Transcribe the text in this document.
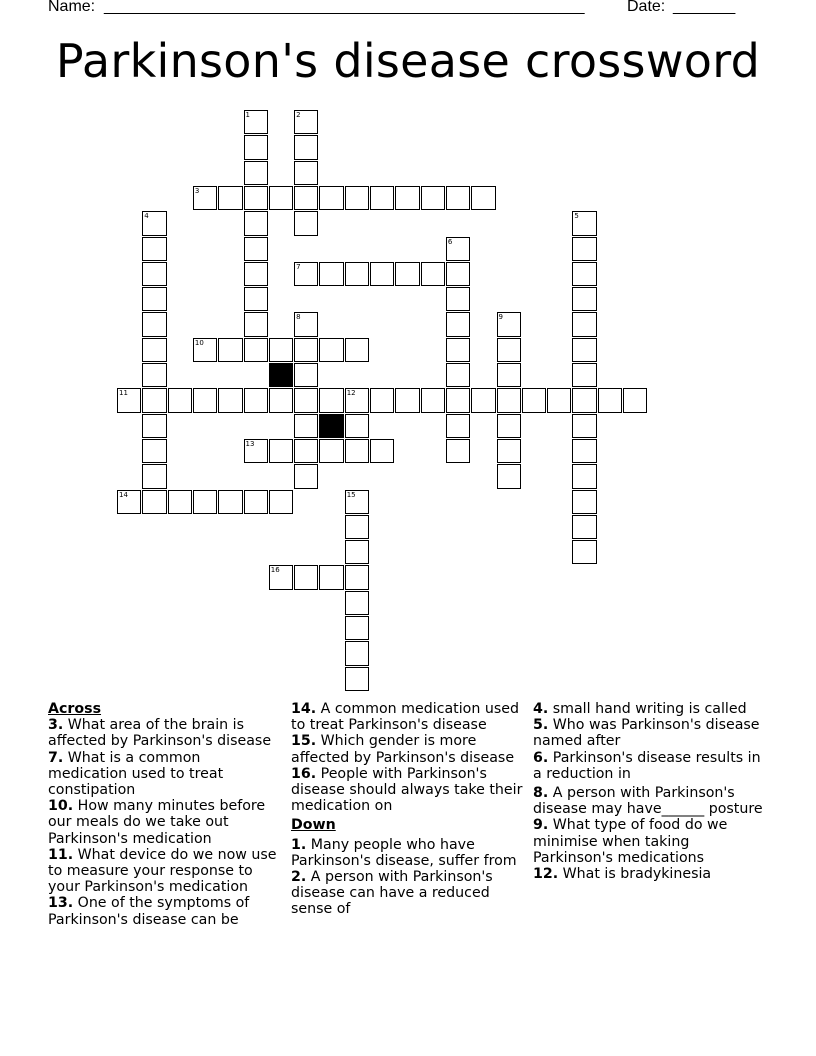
Name: ______________________________________________________	Date: _______
Parkinson's disease crossword
1	2
3
4	5
6
7
8	9
10
11	12
13
14	15
16
Across
3. What area of the brain is affected by Parkinson's disease
7. What is a common medication used to treat constipation
10. How many minutes before our meals do we take out Parkinson's medication
11. What device do we now use to measure your response to your Parkinson's medication
13. One of the symptoms of Parkinson's disease can be
14. A common medication used to treat Parkinson's disease
15. Which gender is more affected by Parkinson's disease
16. People with Parkinson's disease should always take their medication on
Down
1. Many people who have Parkinson's disease, suffer from
2. A person with Parkinson's disease can have a reduced sense of
4. small hand writing is called
5. Who was Parkinson's disease named after
6. Parkinson's disease results in a reduction in
8. A person with Parkinson's disease may have______ posture
9. What type of food do we minimise when taking Parkinson's medications
12. What is bradykinesia
